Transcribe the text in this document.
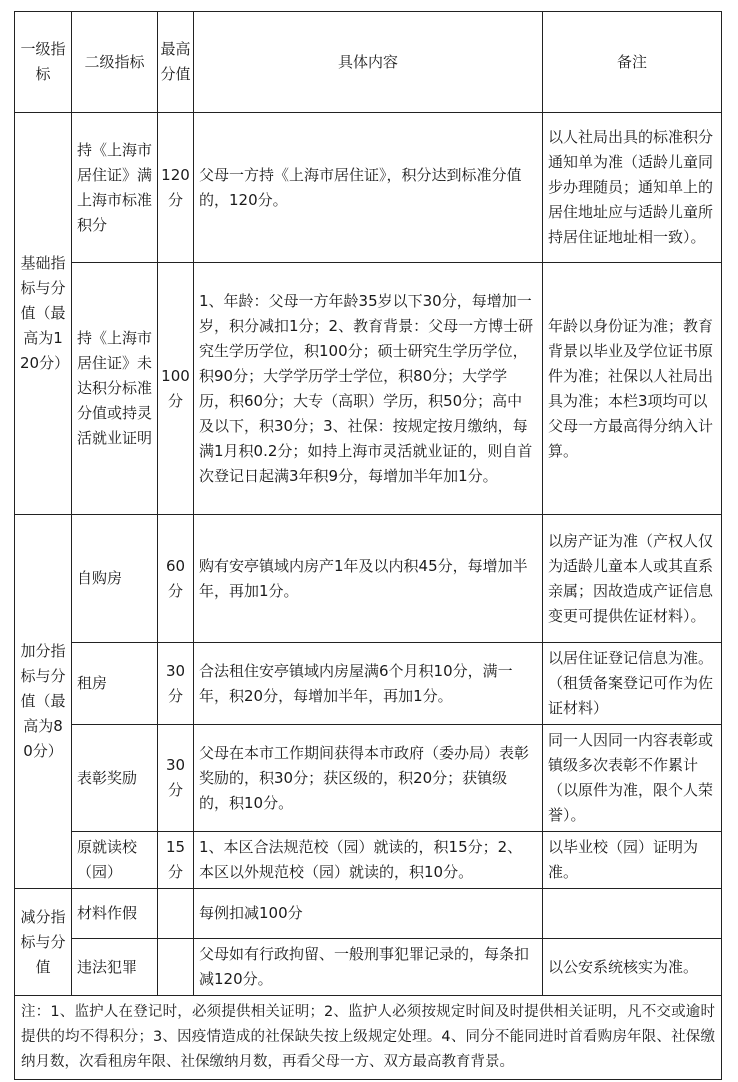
一级指标	二级指标	最高分值	具体内容	备注
基础指标与分值（最高为120分）	持《上海市居住证》满上海市标准积分	120分	父母一方持《上海市居住证》，积分达到标准分值的，120分。	以人社局出具的标准积分通知单为准（适龄儿童同步办理随员；通知单上的居住地址应与适龄儿童所持居住证地址相一致）。
	持《上海市居住证》未达积分标准分值或持灵活就业证明	100分	1、年龄：父母一方年龄35岁以下30分，每增加一岁，积分减扣1分；2、教育背景：父母一方博士研究生学历学位，积100分；硕士研究生学历学位，积90分；大学学历学士学位，积80分；大学学历，积60分；大专（高职）学历，积50分；高中及以下，积30分；3、社保：按规定按月缴纳，每满1月积0.2分；如持上海市灵活就业证的，则自首次登记日起满3年积9分，每增加半年加1分。	年龄以身份证为准；教育背景以毕业及学位证书原件为准；社保以人社局出具为准；本栏3项均可以父母一方最高得分纳入计算。
加分指标与分值（最高为80分）	自购房	60分	购有安亭镇域内房产1年及以内积45分，每增加半年，再加1分。	以房产证为准（产权人仅为适龄儿童本人或其直系亲属；因故造成产证信息变更可提供佐证材料）。
	租房	30分	合法租住安亭镇域内房屋满6个月积10分，满一年，积20分，每增加半年，再加1分。	以居住证登记信息为准。（租赁备案登记可作为佐证材料）
	表彰奖励	30分	父母在本市工作期间获得本市政府（委办局）表彰奖励的，积30分；获区级的，积20分；获镇级的，积10分。	同一人因同一内容表彰或镇级多次表彰不作累计（以原件为准，限个人荣誉）。
	原就读校（园）	15分	1、本区合法规范校（园）就读的，积15分；2、本区以外规范校（园）就读的，积10分。	以毕业校（园）证明为准。
减分指标与分值	材料作假		每例扣减100分	
	违法犯罪		父母如有行政拘留、一般刑事犯罪记录的，每条扣减120分。	以公安系统核实为准。
注：1、监护人在登记时，必须提供相关证明；2、监护人必须按规定时间及时提供相关证明，凡不交或逾时提供的均不得积分；3、因疫情造成的社保缺失按上级规定处理。4、同分不能同进时首看购房年限、社保缴纳月数，次看租房年限、社保缴纳月数，再看父母一方、双方最高教育背景。				
